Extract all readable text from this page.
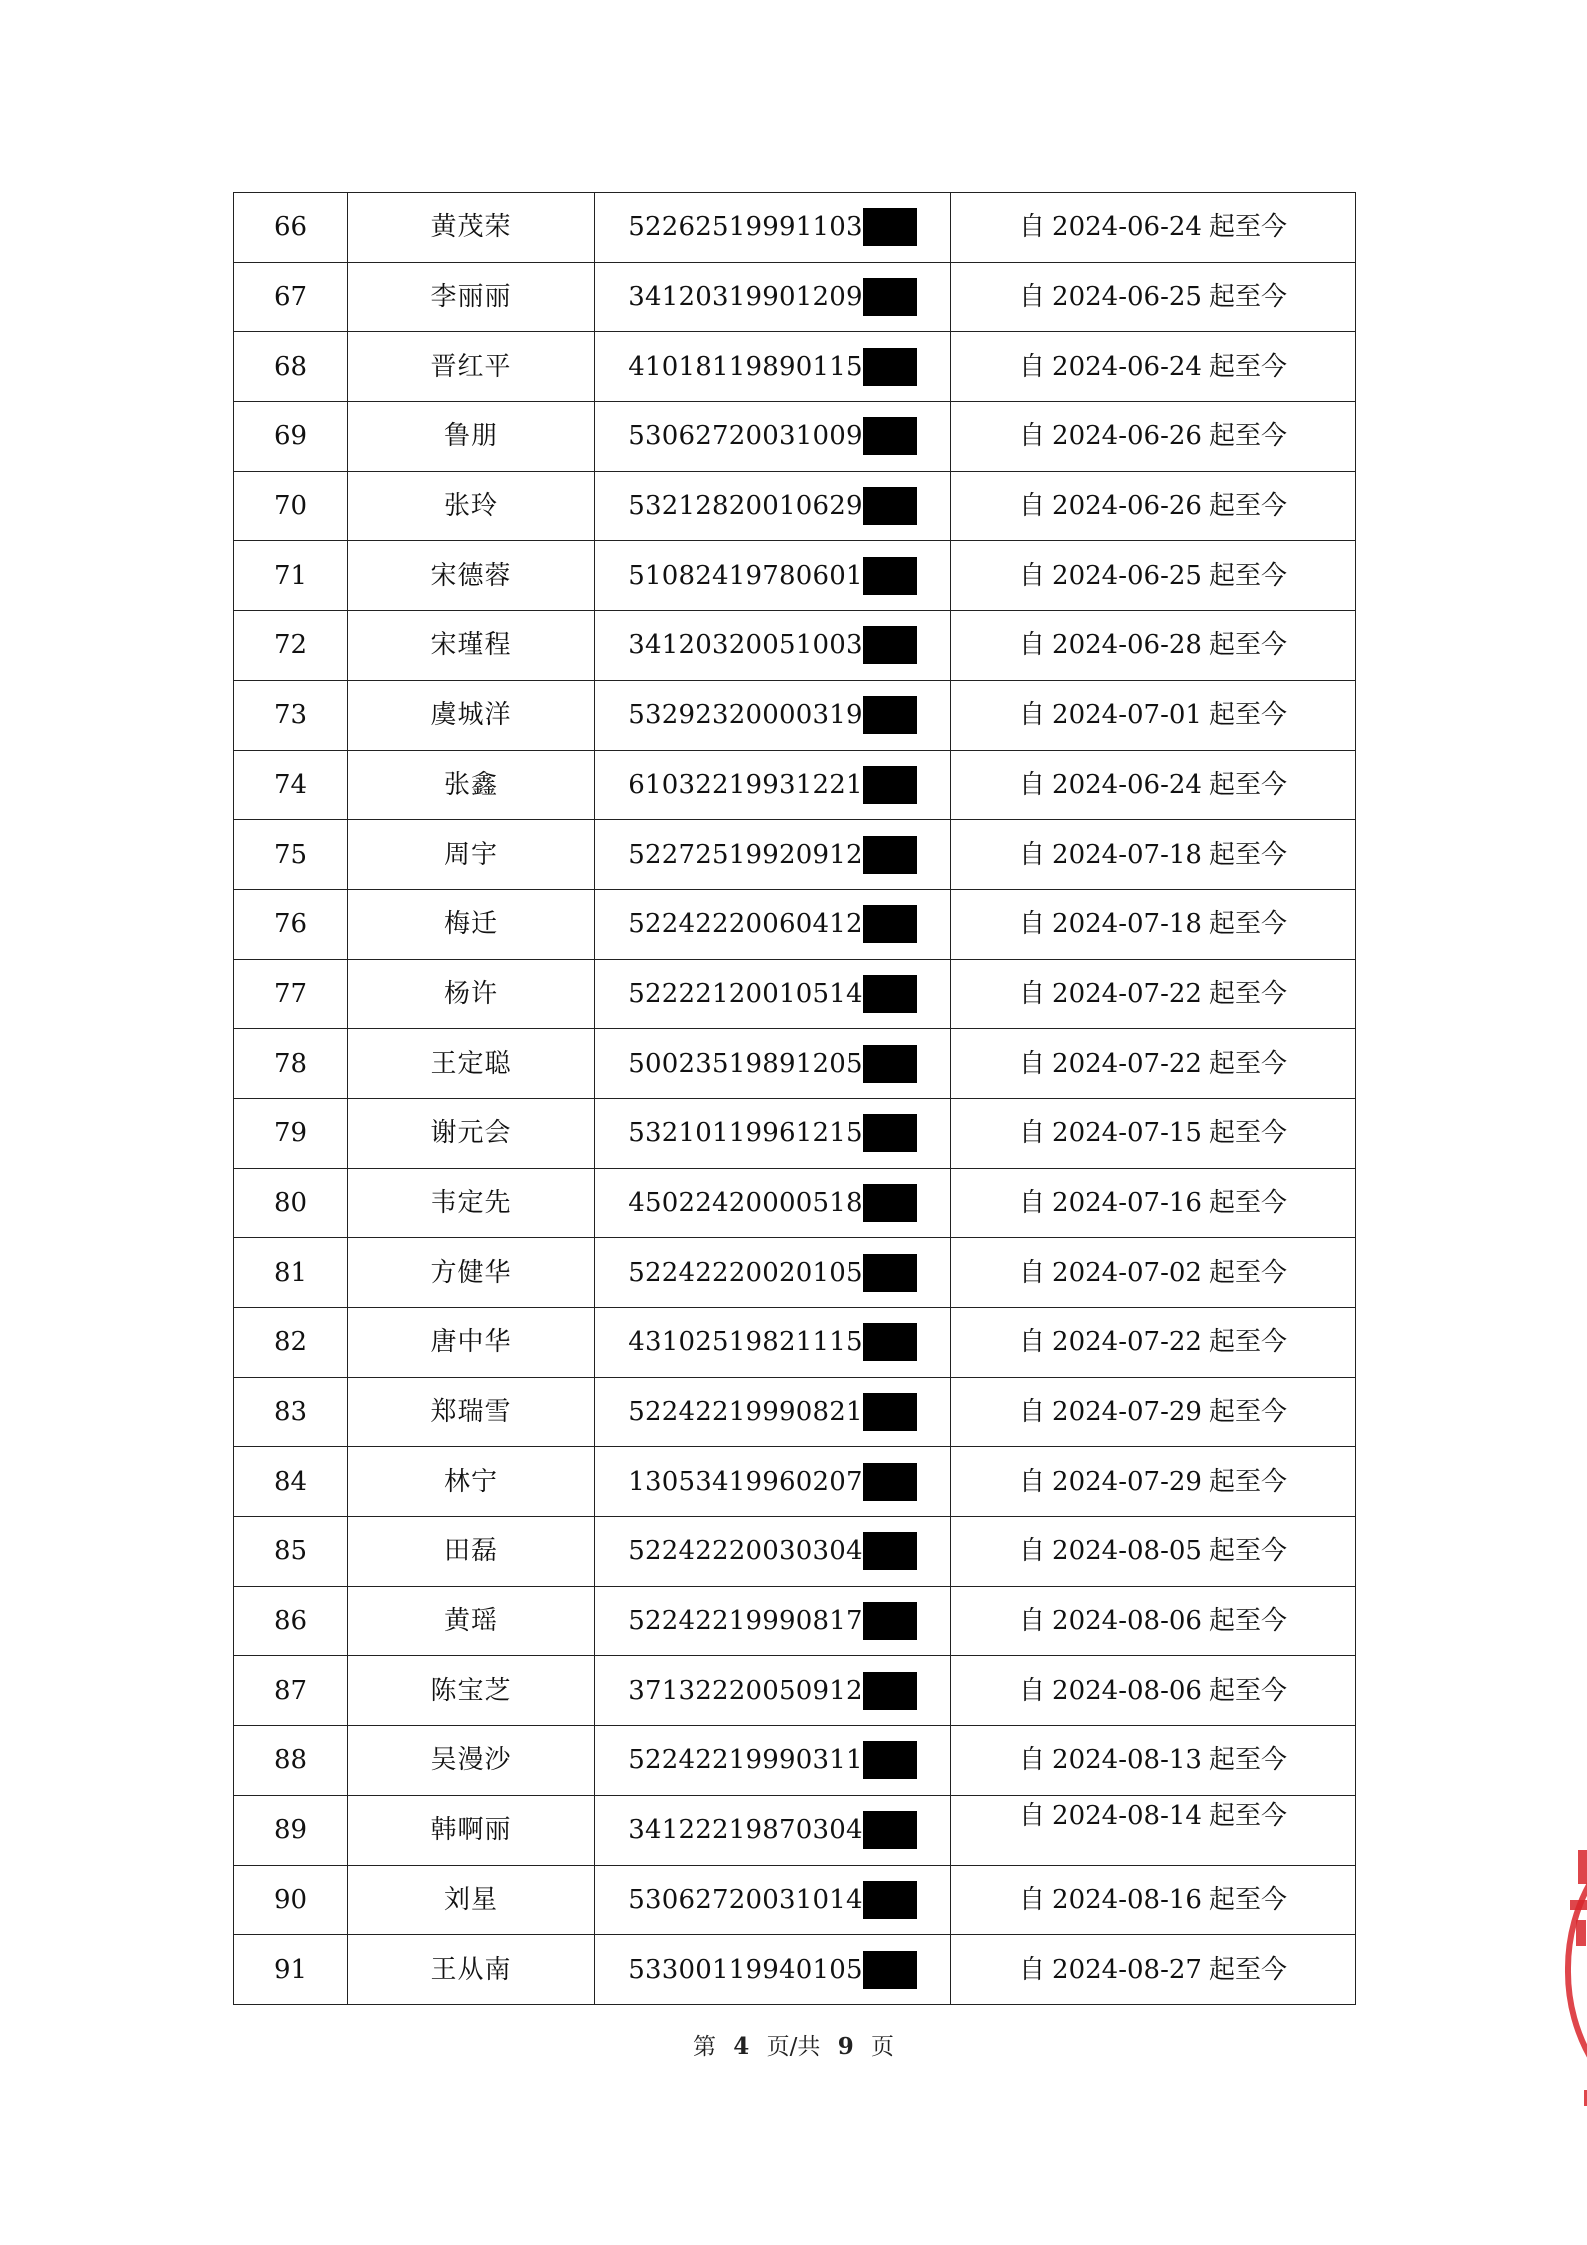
66	黄茂荣	52262519991103	自 2024-06-24 起至今
67	李丽丽	34120319901209	自 2024-06-25 起至今
68	晋红平	41018119890115	自 2024-06-24 起至今
69	鲁朋	53062720031009	自 2024-06-26 起至今
70	张玲	53212820010629	自 2024-06-26 起至今
71	宋德蓉	51082419780601	自 2024-06-25 起至今
72	宋瑾程	34120320051003	自 2024-06-28 起至今
73	虞城洋	53292320000319	自 2024-07-01 起至今
74	张鑫	61032219931221	自 2024-06-24 起至今
75	周宇	52272519920912	自 2024-07-18 起至今
76	梅迁	52242220060412	自 2024-07-18 起至今
77	杨许	52222120010514	自 2024-07-22 起至今
78	王定聪	50023519891205	自 2024-07-22 起至今
79	谢元会	53210119961215	自 2024-07-15 起至今
80	韦定先	45022420000518	自 2024-07-16 起至今
81	方健华	52242220020105	自 2024-07-02 起至今
82	唐中华	43102519821115	自 2024-07-22 起至今
83	郑瑞雪	52242219990821	自 2024-07-29 起至今
84	林宁	13053419960207	自 2024-07-29 起至今
85	田磊	52242220030304	自 2024-08-05 起至今
86	黄瑶	52242219990817	自 2024-08-06 起至今
87	陈宝芝	37132220050912	自 2024-08-06 起至今
88	吴漫沙	52242219990311	自 2024-08-13 起至今
89	韩啊丽	34122219870304	自 2024-08-14 起至今
90	刘星	53062720031014	自 2024-08-16 起至今
91	王从南	53300119940105	自 2024-08-27 起至今
第 4 页/共 9 页
